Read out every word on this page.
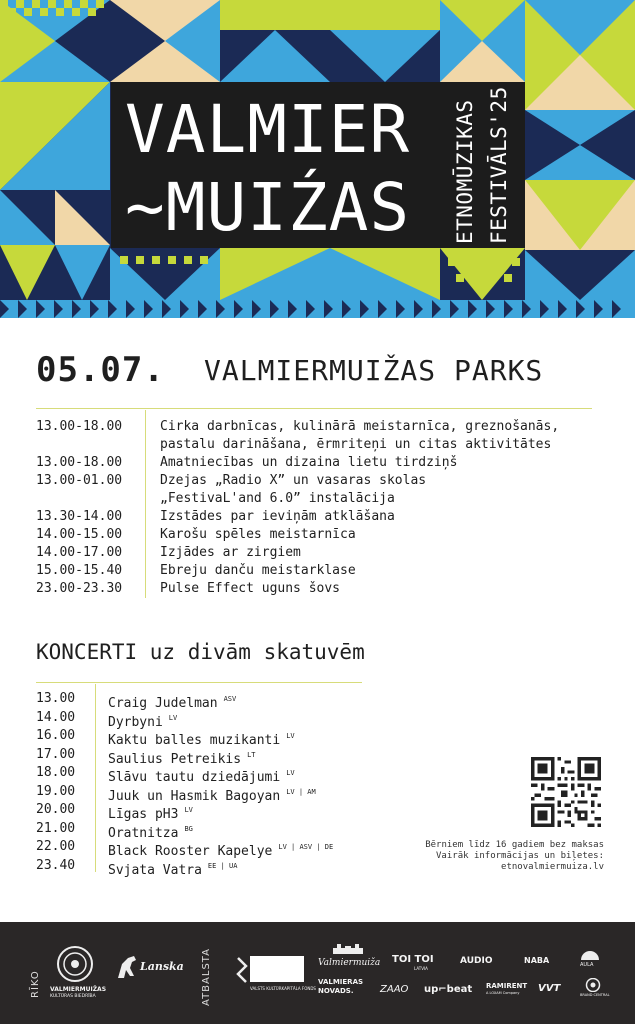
VALMIER
~MUIŹAS ETNOMŪZIKAS FESTIVĀLS'25
05.07. VALMIERMUIŽAS PARKS
13.00-18.00	Cirka darbnīcas, kulinārā meistarnīca, greznošanās,
pastalu darināšana, ērmriteņi un citas aktivitātes
13.00-18.00	Amatniecības un dizaina lietu tirdziņš
13.00-01.00	Dzejas „Radio X” un vasaras skolas
„FestivaL'and 6.0” instalācija
13.30-14.00	Izstādes par ieviņām atklāšana
14.00-15.00	Karošu spēles meistarnīca
14.00-17.00	Izjādes ar zirgiem
15.00-15.40	Ebreju danču meistarklase
23.00-23.30	Pulse Effect uguns šovs
KONCERTI uz divām skatuvēm
13.00	Craig Judelman $^{ASV}$
14.00	Dyrbyni $^{LV}$
16.00	Kaktu balles muzikanti $^{LV}$
17.00	Saulius Petreikis $^{LT}$
18.00	Slāvu tautu dziedājumi $^{LV}$
19.00	Juuk un Hasmik Bagoyan $^{LV | AM}$
20.00	Līgas pH3 $^{LV}$
21.00	Oratnitza $^{BG}$
22.00	Black Rooster Kapelye $^{LV | ASV | DE}$
23.40	Svjata Vatra $^{EE | UA}$
Bērniem līdz 16 gadiem bez maksas
Vairāk informācijas un biļetes:
etnovalmiermuiza.lv
RĪKO	ATBALSTA
VALMIERMUIŽAS
KULTŪRAS BIEDRĪBA
Lanska
VALSTS KULTŪRKAPITĀLA FONDS
Valmiermuiža
VALMIERAS NOVADS.
TOI TOI
LATVIA
AUDIO	NABA	AULA
ZAAO up⌐beat RAMIRENT
A LOXAM Company VVT
BRAND CENTRAL
